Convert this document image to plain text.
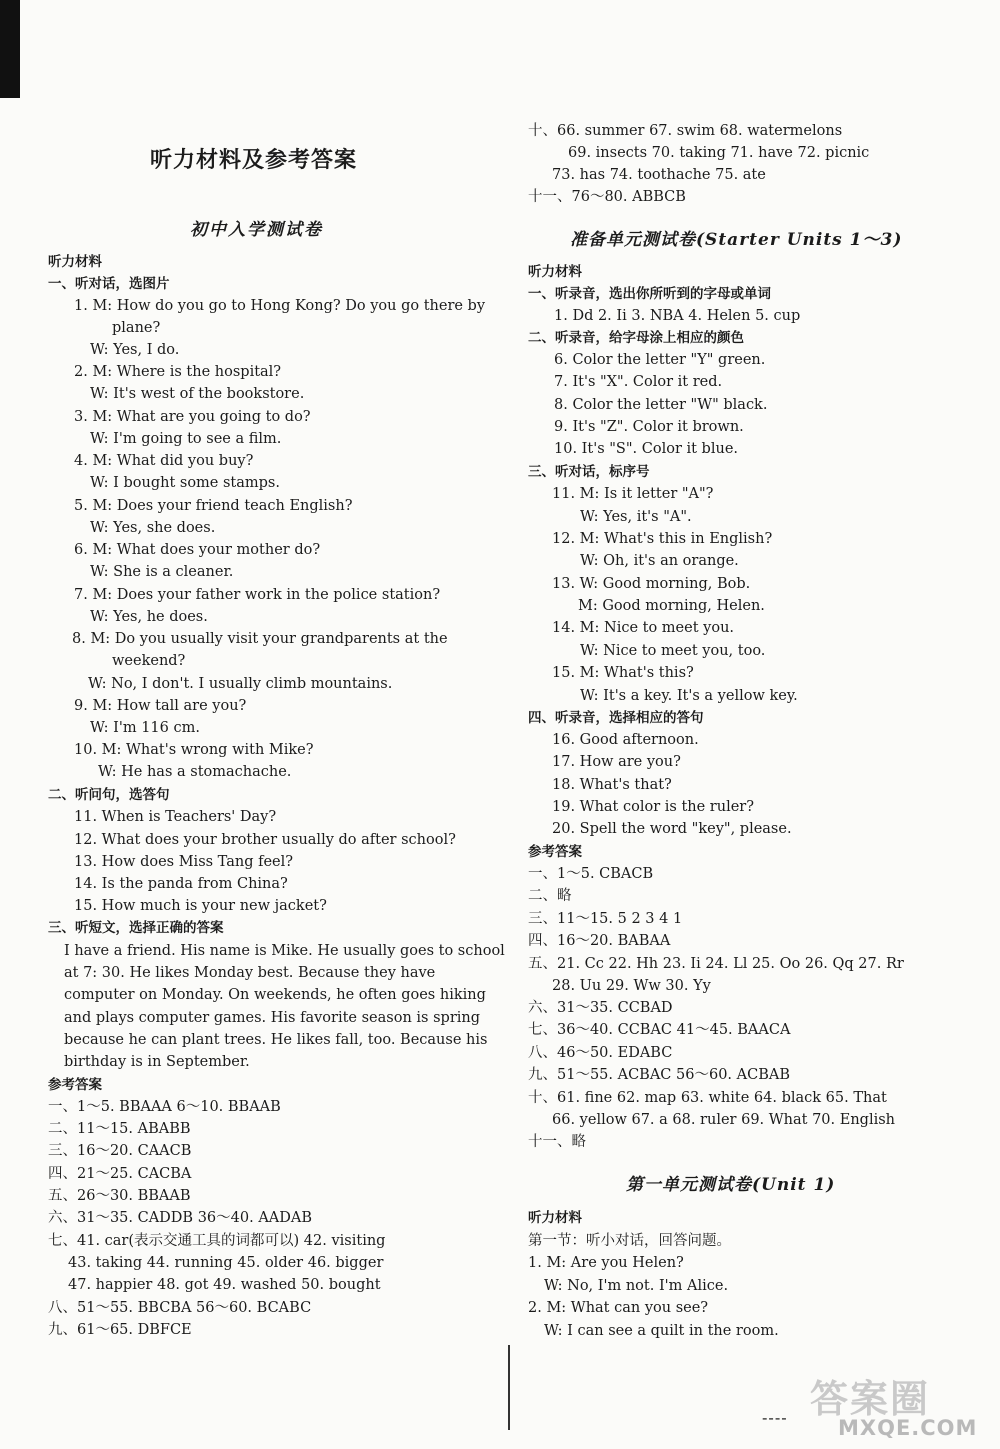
听力材料及参考答案
初中入学测试卷
听力材料
一、听对话，选图片
1. M: How do you go to Hong Kong? Do you go there by
plane?
W: Yes, I do.
2. M: Where is the hospital?
W: It's west of the bookstore.
3. M: What are you going to do?
W: I'm going to see a film.
4. M: What did you buy?
W: I bought some stamps.
5. M: Does your friend teach English?
W: Yes, she does.
6. M: What does your mother do?
W: She is a cleaner.
7. M: Does your father work in the police station?
W: Yes, he does.
8. M: Do you usually visit your grandparents at the
weekend?
W: No, I don't. I usually climb mountains.
9. M: How tall are you?
W: I'm 116 cm.
10. M: What's wrong with Mike?
W: He has a stomachache.
二、听问句，选答句
11. When is Teachers' Day?
12. What does your brother usually do after school?
13. How does Miss Tang feel?
14. Is the panda from China?
15. How much is your new jacket?
三、听短文，选择正确的答案
I have a friend. His name is Mike. He usually goes to school
at 7: 30. He likes Monday best. Because they have
computer on Monday. On weekends, he often goes hiking
and plays computer games. His favorite season is spring
because he can plant trees. He likes fall, too. Because his
birthday is in September.
参考答案
一、1～5. BBAAA 6～10. BBAAB
二、11～15. ABABB
三、16～20. CAACB
四、21～25. CACBA
五、26～30. BBAAB
六、31～35. CADDB 36～40. AADAB
七、41. car(表示交通工具的词都可以) 42. visiting
43. taking 44. running 45. older 46. bigger
47. happier 48. got 49. washed 50. bought
八、51～55. BBCBA 56～60. BCABC
九、61～65. DBFCE
十、66. summer 67. swim 68. watermelons
69. insects 70. taking 71. have 72. picnic
73. has 74. toothache 75. ate
十一、76～80. ABBCB
听力材料
一、听录音，选出你所听到的字母或单词
1. Dd 2. Ii 3. NBA 4. Helen 5. cup
二、听录音，给字母涂上相应的颜色
6. Color the letter "Y" green.
7. It's "X". Color it red.
8. Color the letter "W" black.
9. It's "Z". Color it brown.
10. It's "S". Color it blue.
三、听对话，标序号
11. M: Is it letter "A"?
W: Yes, it's "A".
12. M: What's this in English?
W: Oh, it's an orange.
13. W: Good morning, Bob.
M: Good morning, Helen.
14. M: Nice to meet you.
W: Nice to meet you, too.
15. M: What's this?
W: It's a key. It's a yellow key.
四、听录音，选择相应的答句
16. Good afternoon.
17. How are you?
18. What's that?
19. What color is the ruler?
20. Spell the word "key", please.
参考答案
一、1～5. CBACB
二、略
三、11～15. 5 2 3 4 1
四、16～20. BABAA
五、21. Cc 22. Hh 23. Ii 24. Ll 25. Oo 26. Qq 27. Rr
28. Uu 29. Ww 30. Yy
六、31～35. CCBAD
七、36～40. CCBAC 41～45. BAACA
八、46～50. EDABC
九、51～55. ACBAC 56～60. ACBAB
十、61. fine 62. map 63. white 64. black 65. That
66. yellow 67. a 68. ruler 69. What 70. English
十一、略
听力材料
第一节：听小对话，回答问题。
1. M: Are you Helen?
W: No, I'm not. I'm Alice.
2. M: What can you see?
W: I can see a quilt in the room.
准备单元测试卷(Starter Units 1～3)
第一单元测试卷(Unit 1)
---- 答案圈
MXQE.COM
